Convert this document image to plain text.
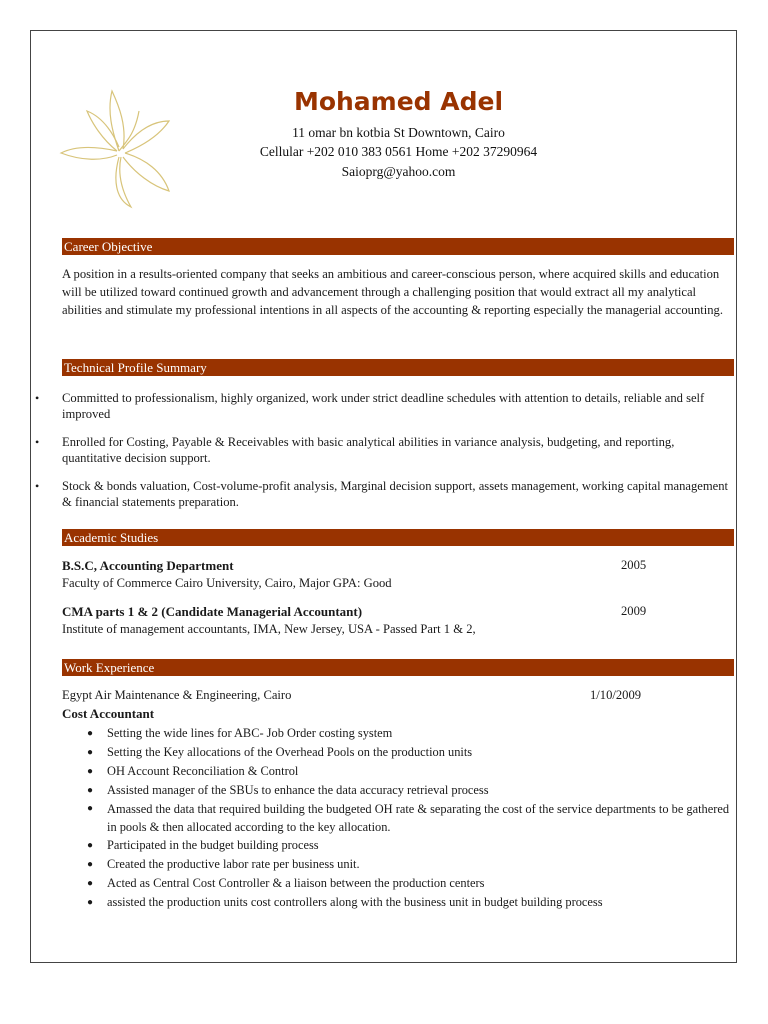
Mohamed Adel
11 omar bn kotbia St Downtown, Cairo
Cellular +202 010 383 0561 Home +202 37290964
Saioprg@yahoo.com
Career Objective
A position in a results-oriented company that seeks an ambitious and career-conscious person, where acquired skills and education will be utilized toward continued growth and advancement through a challenging position that would extract all my analytical abilities and stimulate my professional intentions in all aspects of the accounting & reporting especially the managerial accounting.
Technical Profile Summary
• Committed to professionalism, highly organized, work under strict deadline schedules with attention to details, reliable and self improved
• Enrolled for Costing, Payable & Receivables with basic analytical abilities in variance analysis, budgeting, and reporting, quantitative decision support.
• Stock & bonds valuation, Cost-volume-profit analysis, Marginal decision support, assets management, working capital management & financial statements preparation.
Academic Studies
B.S.C, Accounting Department	2005
Faculty of Commerce Cairo University, Cairo, Major GPA: Good
CMA parts 1 & 2 (Candidate Managerial Accountant)	2009
Institute of management accountants, IMA, New Jersey, USA - Passed Part 1 & 2,
Work Experience
Egypt Air Maintenance & Engineering, Cairo	1/10/2009
Cost Accountant
● Setting the wide lines for ABC- Job Order costing system
● Setting the Key allocations of the Overhead Pools on the production units
● OH Account Reconciliation & Control
● Assisted manager of the SBUs to enhance the data accuracy retrieval process
● Amassed the data that required building the budgeted OH rate & separating the cost of the service departments to be gathered in pools & then allocated according to the key allocation.
● Participated in the budget building process
● Created the productive labor rate per business unit.
● Acted as Central Cost Controller & a liaison between the production centers
● assisted the production units cost controllers along with the business unit in budget building process
